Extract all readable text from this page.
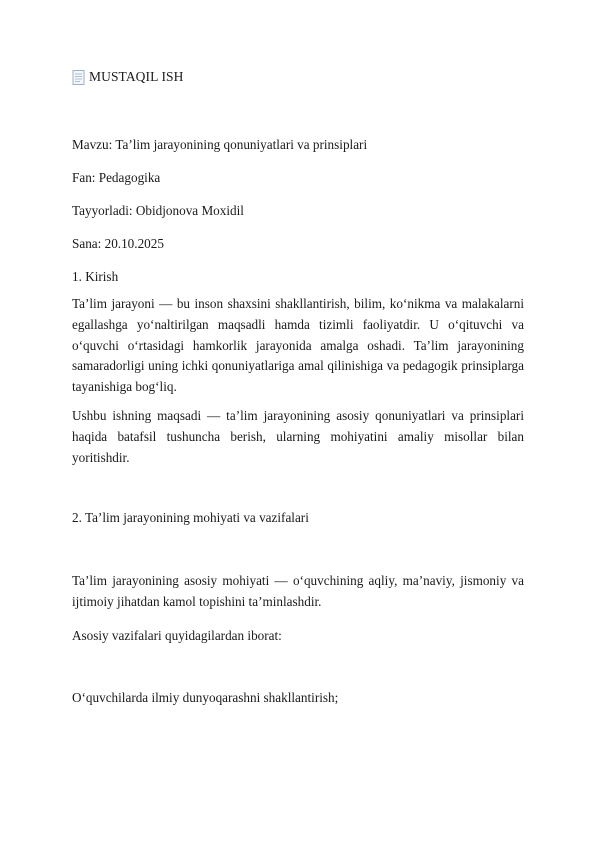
MUSTAQIL ISH
Mavzu: Ta’lim jarayonining qonuniyatlari va prinsiplari
Fan: Pedagogika
Tayyorladi: Obidjonova Moxidil
Sana: 20.10.2025
1. Kirish
Ta’lim jarayoni — bu inson shaxsini shakllantirish, bilim, ko‘nikma va malakalarni egallashga yo‘naltirilgan maqsadli hamda tizimli faoliyatdir. U o‘qituvchi va o‘quvchi o‘rtasidagi hamkorlik jarayonida amalga oshadi. Ta’lim jarayonining samaradorligi uning ichki qonuniyatlariga amal qilinishiga va pedagogik prinsiplarga tayanishiga bog‘liq.
Ushbu ishning maqsadi — ta’lim jarayonining asosiy qonuniyatlari va prinsiplari haqida batafsil tushuncha berish, ularning mohiyatini amaliy misollar bilan yoritishdir.
2. Ta’lim jarayonining mohiyati va vazifalari
Ta’lim jarayonining asosiy mohiyati — o‘quvchining aqliy, ma’naviy, jismoniy va ijtimoiy jihatdan kamol topishini ta’minlashdir.
Asosiy vazifalari quyidagilardan iborat:
O‘quvchilarda ilmiy dunyoqarashni shakllantirish;
